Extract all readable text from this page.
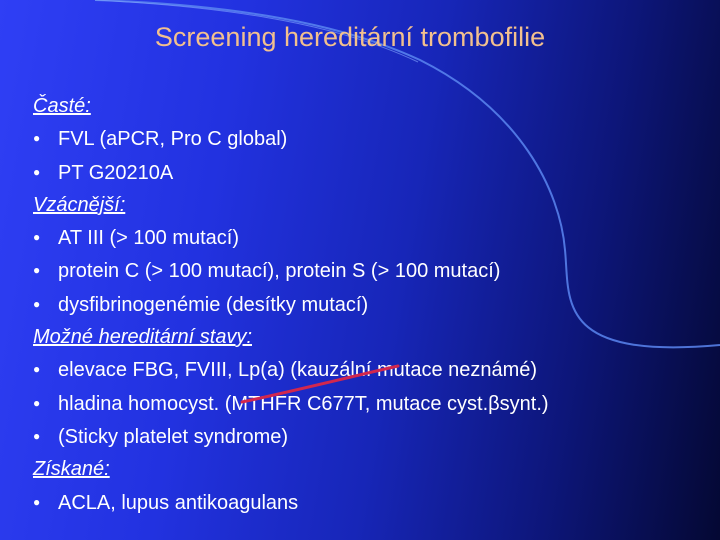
Screening hereditární trombofilie
Časté:
● FVL (aPCR, Pro C global)
● PT G20210A
Vzácnější:
● AT III (> 100 mutací)
● protein C (> 100 mutací), protein S (> 100 mutací)
● dysfibrinogenémie (desítky mutací)
Možné hereditární stavy:
● elevace FBG, FVIII, Lp(a) (kauzální mutace neznámé)
● hladina homocyst. (MTHFR C677T, mutace cyst.βsynt.)
● (Sticky platelet syndrome)
Získané:
● ACLA, lupus antikoagulans
